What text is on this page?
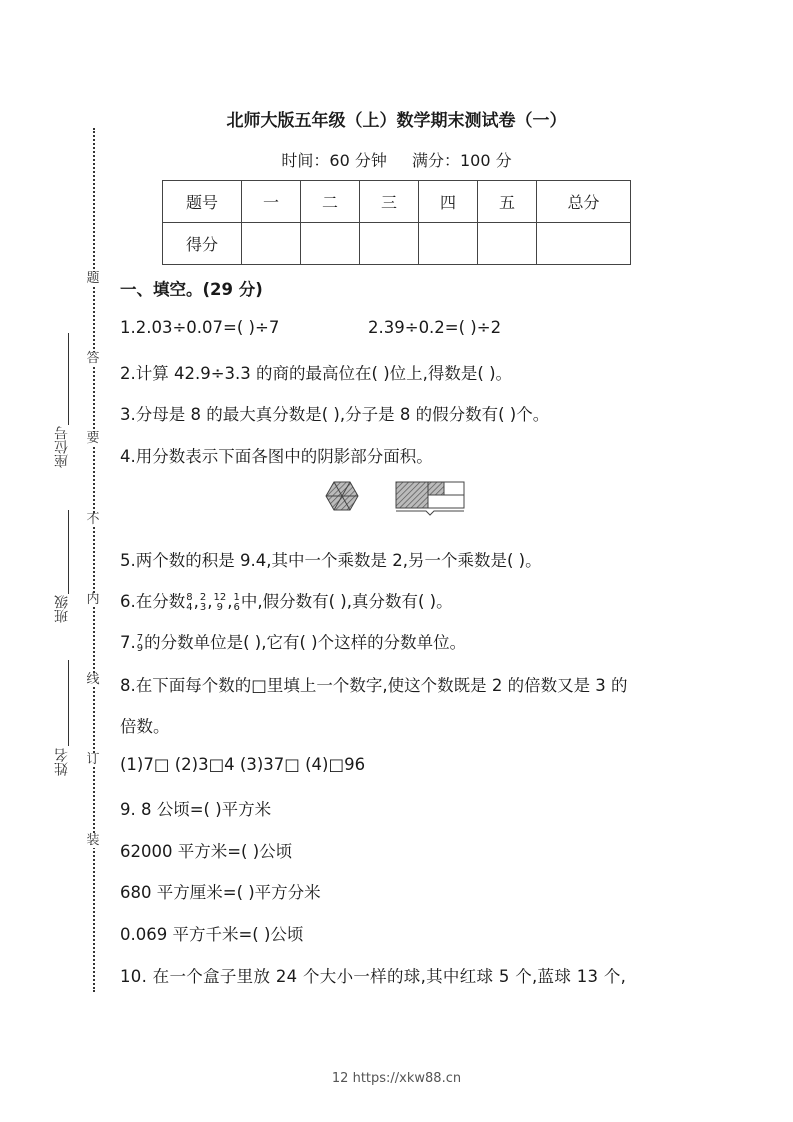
题
答
要
不
内
线
订
装
座位号
班级
姓名
北师大版五年级（上）数学期末测试卷（一）
时间：60 分钟 满分：100 分
题号	一	二	三	四	五	总分
得分						
一、填空。(29 分)
1.2.03÷0.07=( )÷7	2.39÷0.2=( )÷2
2.计算 42.9÷3.3 的商的最高位在( )位上,得数是( )。
3.分母是 8 的最大真分数是( ),分子是 8 的假分数有( )个。
4.用分数表示下面各图中的阴影部分面积。
5.两个数的积是 9.4,其中一个乘数是 2,另一个乘数是( )。
6.在分数 8
4 , 2
3 , 12
9 , 1
6 中,假分数有( ),真分数有( )。
7. 7
9 的分数单位是( ),它有( )个这样的分数单位。
8.在下面每个数的□里填上一个数字,使这个数既是 2 的倍数又是 3 的
倍数。
(1)7□ (2)3□4 (3)37□ (4)□96
9. 8 公顷=( )平方米
62000 平方米=( )公顷
680 平方厘米=( )平方分米
0.069 平方千米=( )公顷
10. 在一个盒子里放 24 个大小一样的球,其中红球 5 个,蓝球 13 个,
12 https://xkw88.cn
